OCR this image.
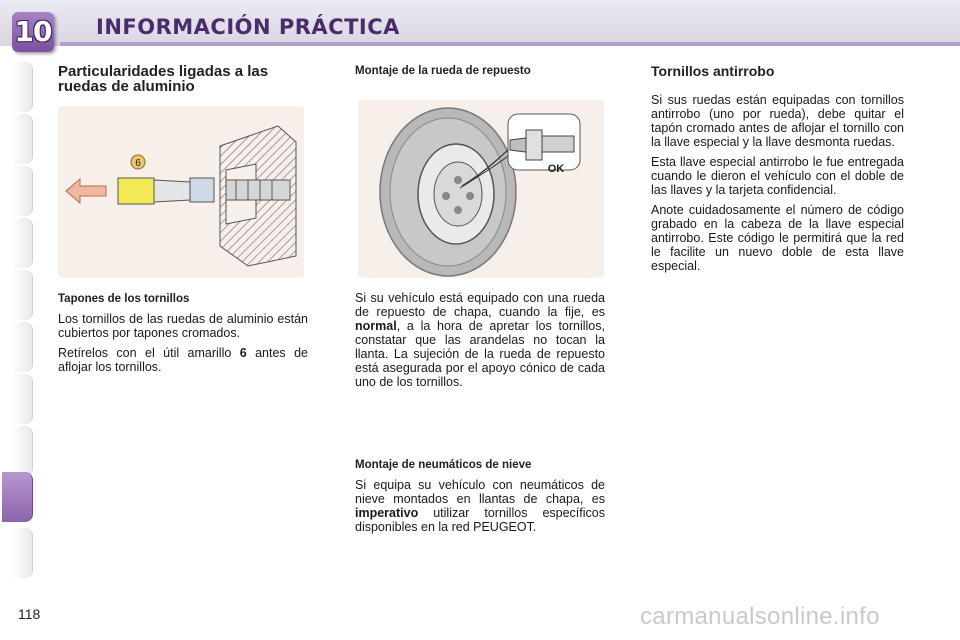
10 INFORMACIÓN PRÁCTICA
Particularidades ligadas a las ruedas de aluminio
6
Tapones de los tornillos

Los tornillos de las ruedas de aluminio están cubiertos por tapones cromados.

Retírelos con el útil amarillo 6 antes de aflojar los tornillos.

Montaje de la rueda de repuesto
OK

Si su vehículo está equipado con una rueda de repuesto de chapa, cuando la fije, es normal, a la hora de apretar los tornillos, constatar que las arandelas no tocan la llanta. La sujeción de la rueda de repuesto está asegurada por el apoyo cónico de cada uno de los tornillos.

Montaje de neumáticos de nieve

Si equipa su vehículo con neumáticos de nieve montados en llantas de chapa, es imperativo utilizar tornillos específicos disponibles en la red PEUGEOT.

Tornillos antirrobo

Si sus ruedas están equipadas con tornillos antirrobo (uno por rueda), debe quitar el tapón cromado antes de aflojar el tornillo con la llave especial y la llave desmonta ruedas.

Esta llave especial antirrobo le fue entregada cuando le dieron el vehículo con el doble de las llaves y la tarjeta confidencial.

Anote cuidadosamente el número de código grabado en la cabeza de la llave especial antirrobo. Este código le permitirá que la red le facilite un nuevo doble de esta llave especial.

118	carmanualsonline.info
